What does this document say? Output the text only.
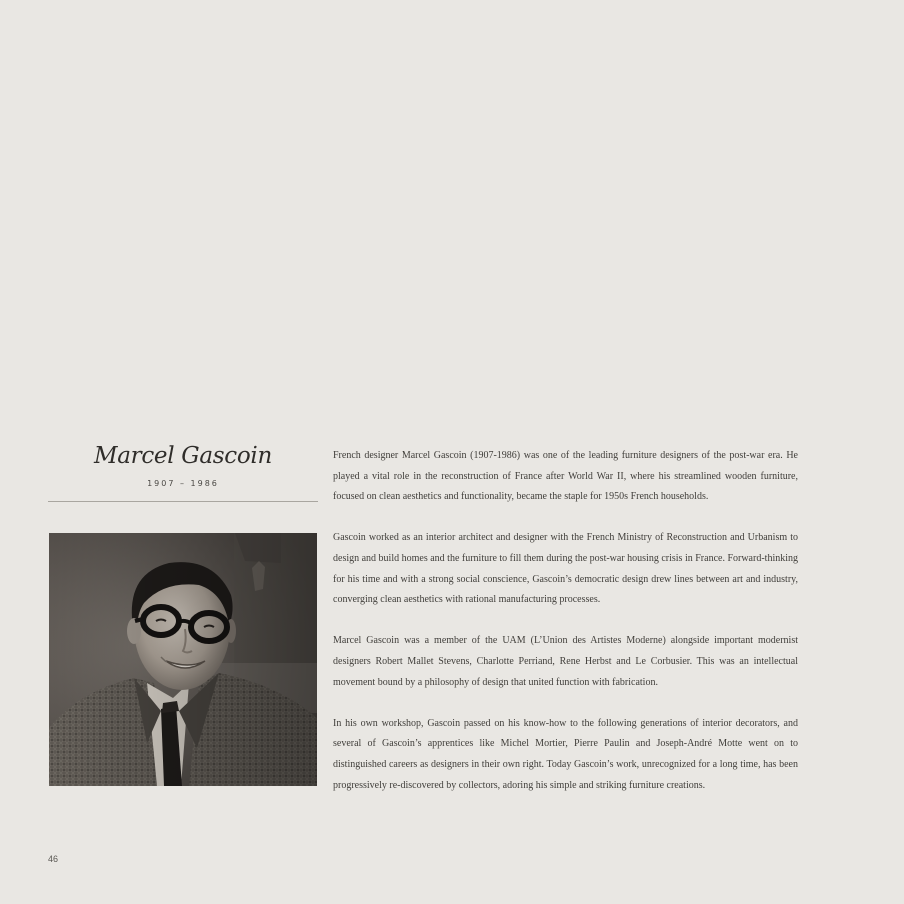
Marcel Gascoin
1907 – 1986

French designer Marcel Gascoin (1907-1986) was one of the leading furniture designers of the post-war era. He played a vital role in the reconstruction of France after World War II, where his streamlined wooden furniture, focused on clean aesthetics and functionality, became the staple for 1950s French households.

Gascoin worked as an interior architect and designer with the French Ministry of Reconstruction and Urbanism to design and build homes and the furniture to fill them during the post-war housing crisis in France. Forward-thinking for his time and with a strong social conscience, Gascoin’s democratic design drew lines between art and industry, converging clean aesthetics with rational manufacturing processes.

Marcel Gascoin was a member of the UAM (L’Union des Artistes Moderne) alongside important modernist designers Robert Mallet Stevens, Charlotte Perriand, Rene Herbst and Le Corbusier. This was an intellectual movement bound by a philosophy of design that united function with fabrication.

In his own workshop, Gascoin passed on his know-how to the following generations of interior decorators, and several of Gascoin’s apprentices like Michel Mortier, Pierre Paulin and Joseph-André Motte went on to distinguished careers as designers in their own right. Today Gascoin’s work, unrecognized for a long time, has been progressively re-discovered by collectors, adoring his simple and striking furniture creations.

46
